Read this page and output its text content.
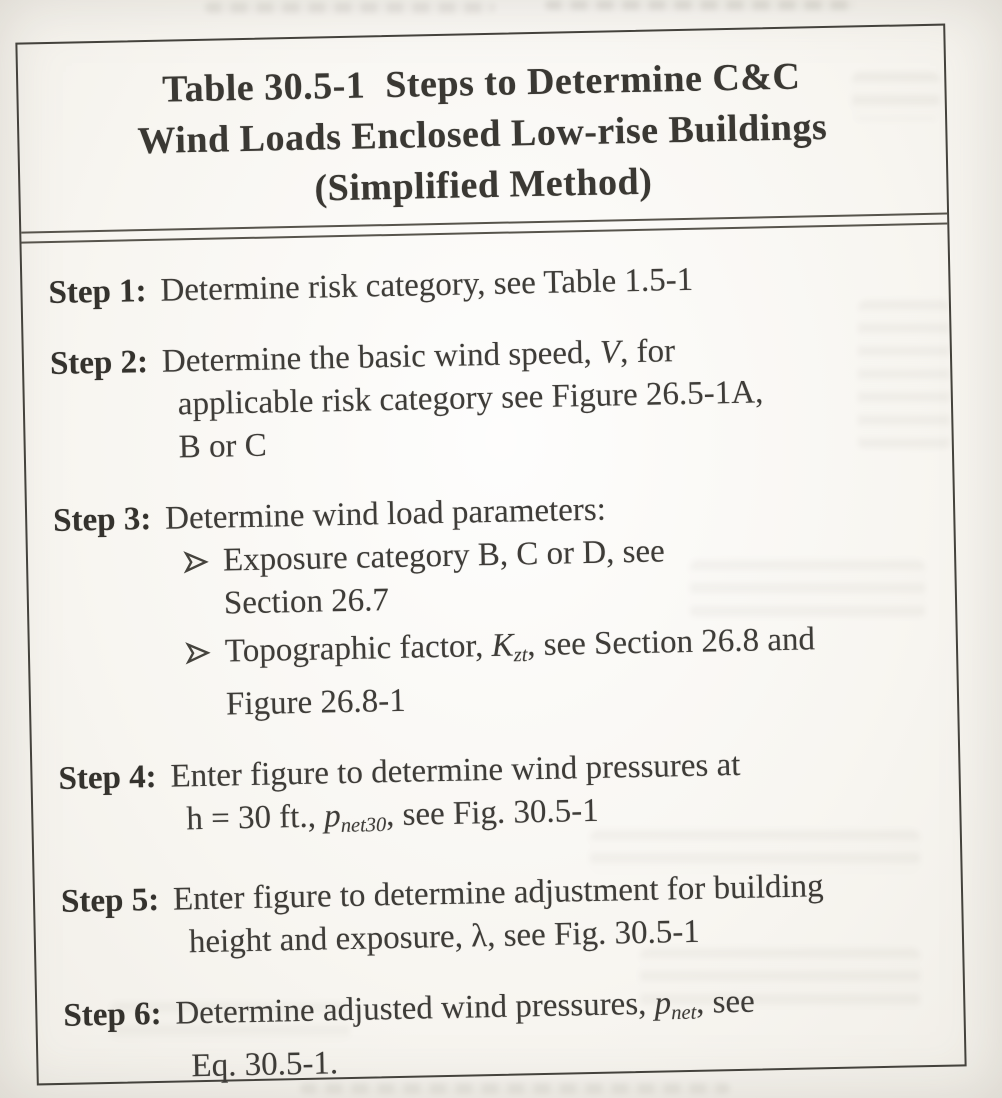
Table 30.5-1  Steps to Determine C&C
Wind Loads Enclosed Low-rise Buildings
(Simplified Method)
Step 1: Determine risk category, see Table 1.5-1
Step 2: Determine the basic wind speed, V, for
applicable risk category see Figure 26.5-1A,
B or C
Step 3: Determine wind load parameters:
Exposure category B, C or D, see
Section 26.7
Topographic factor, Kzt, see Section 26.8 and
Figure 26.8-1
Step 4: Enter figure to determine wind pressures at
h = 30 ft., pnet30, see Fig. 30.5-1
Step 5: Enter figure to determine adjustment for building
height and exposure, λ, see Fig. 30.5-1
Step 6: Determine adjusted wind pressures, pnet, see
Eq. 30.5-1.
